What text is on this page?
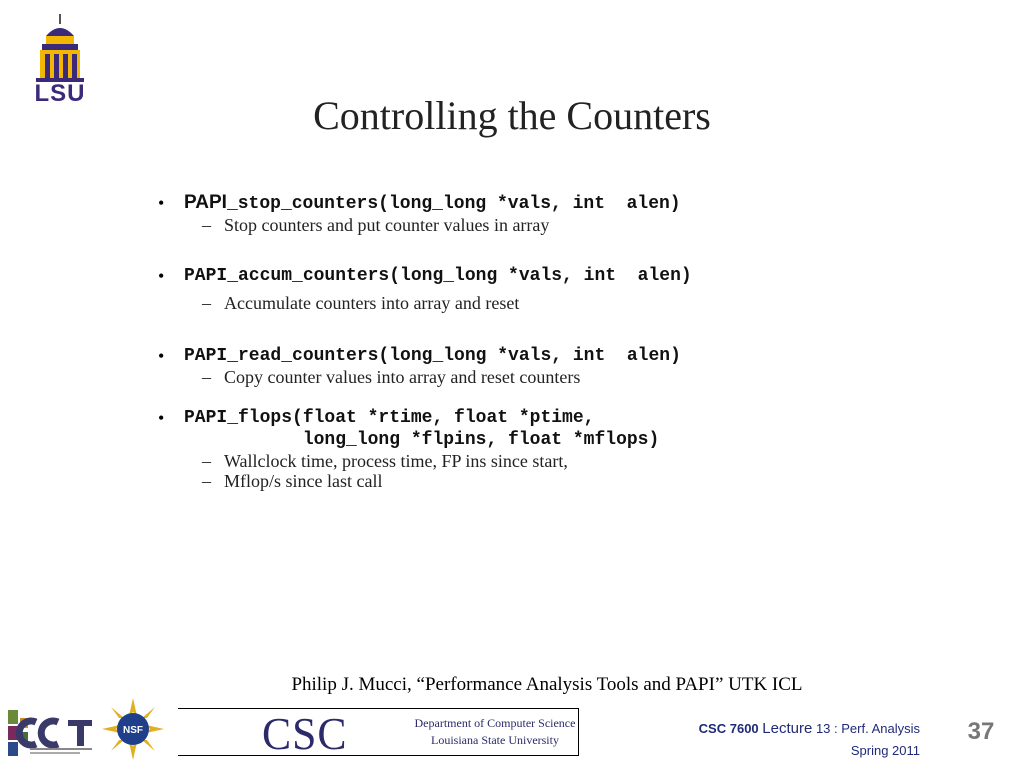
LSU	Controlling the Counters
• PAPI_stop_counters(long_long *vals, int  alen)
– Stop counters and put counter values in array
• PAPI_accum_counters(long_long *vals, int  alen)
– Accumulate counters into array and reset
• PAPI_read_counters(long_long *vals, int  alen)
– Copy counter values into array and reset counters
• PAPI_flops(float *rtime, float *ptime,
long_long *flpins, float *mflops)
– Wallclock time, process time, FP ins since start,
– Mflop/s since last call
Philip J. Mucci, “Performance Analysis Tools and PAPI” UTK ICL
NSF	CSC	Department of Computer Science
Louisiana State University
CSC 7600 Lecture 13 : Perf. Analysis
Spring 2011
37
